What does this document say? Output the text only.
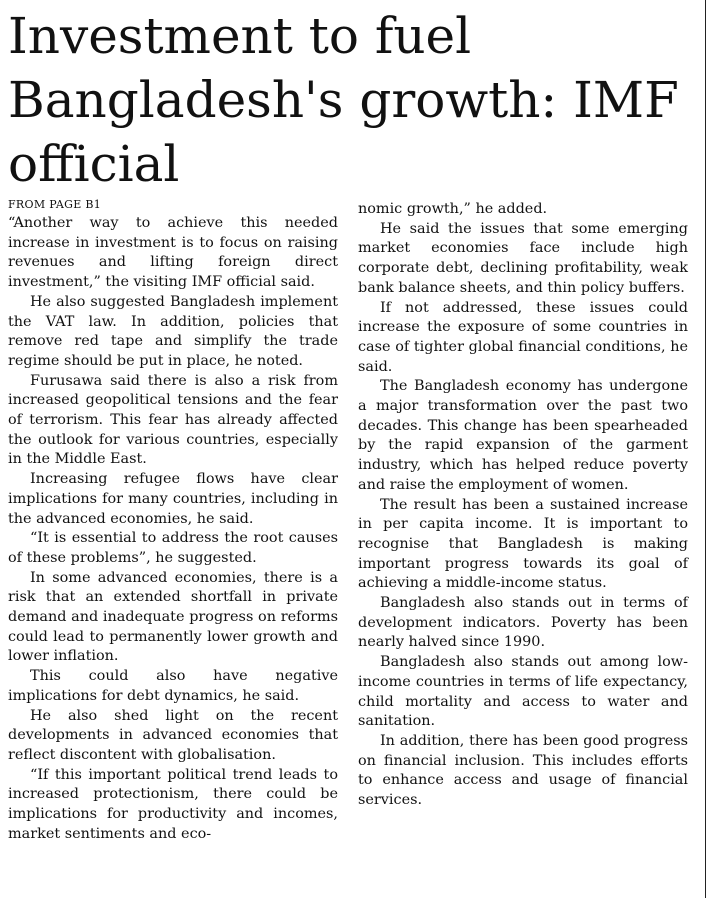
Investment to fuel Bangladesh's growth: IMF official
FROM PAGE B1

“Another way to achieve this needed increase in investment is to focus on raising revenues and lifting foreign direct investment,” the visiting IMF official said.

He also suggested Bangladesh implement the VAT law. In addition, policies that remove red tape and simplify the trade regime should be put in place, he noted.

Furusawa said there is also a risk from increased geopolitical tensions and the fear of terrorism. This fear has already affected the outlook for various countries, especially in the Middle East.

Increasing refugee flows have clear implications for many countries, including in the advanced economies, he said.

“It is essential to address the root causes of these problems”, he suggested.

In some advanced economies, there is a risk that an extended shortfall in private demand and inadequate progress on reforms could lead to permanently lower growth and lower inflation.

This could also have negative implications for debt dynamics, he said.

He also shed light on the recent developments in advanced economies that reflect discontent with globalisation.

“If this important political trend leads to increased protectionism, there could be implications for productivity and incomes, market sentiments and eco-

nomic growth,” he added.

He said the issues that some emerging market economies face include high corporate debt, declining profitability, weak bank balance sheets, and thin policy buffers.

If not addressed, these issues could increase the exposure of some countries in case of tighter global financial conditions, he said.

The Bangladesh economy has undergone a major transformation over the past two decades. This change has been spearheaded by the rapid expansion of the garment industry, which has helped reduce poverty and raise the employment of women.

The result has been a sustained increase in per capita income. It is important to recognise that Bangladesh is making important progress towards its goal of achieving a middle-income status.

Bangladesh also stands out in terms of development indicators. Poverty has been nearly halved since 1990.

Bangladesh also stands out among low-income countries in terms of life expectancy, child mortality and access to water and sanitation.

In addition, there has been good progress on financial inclusion. This includes efforts to enhance access and usage of financial services.
